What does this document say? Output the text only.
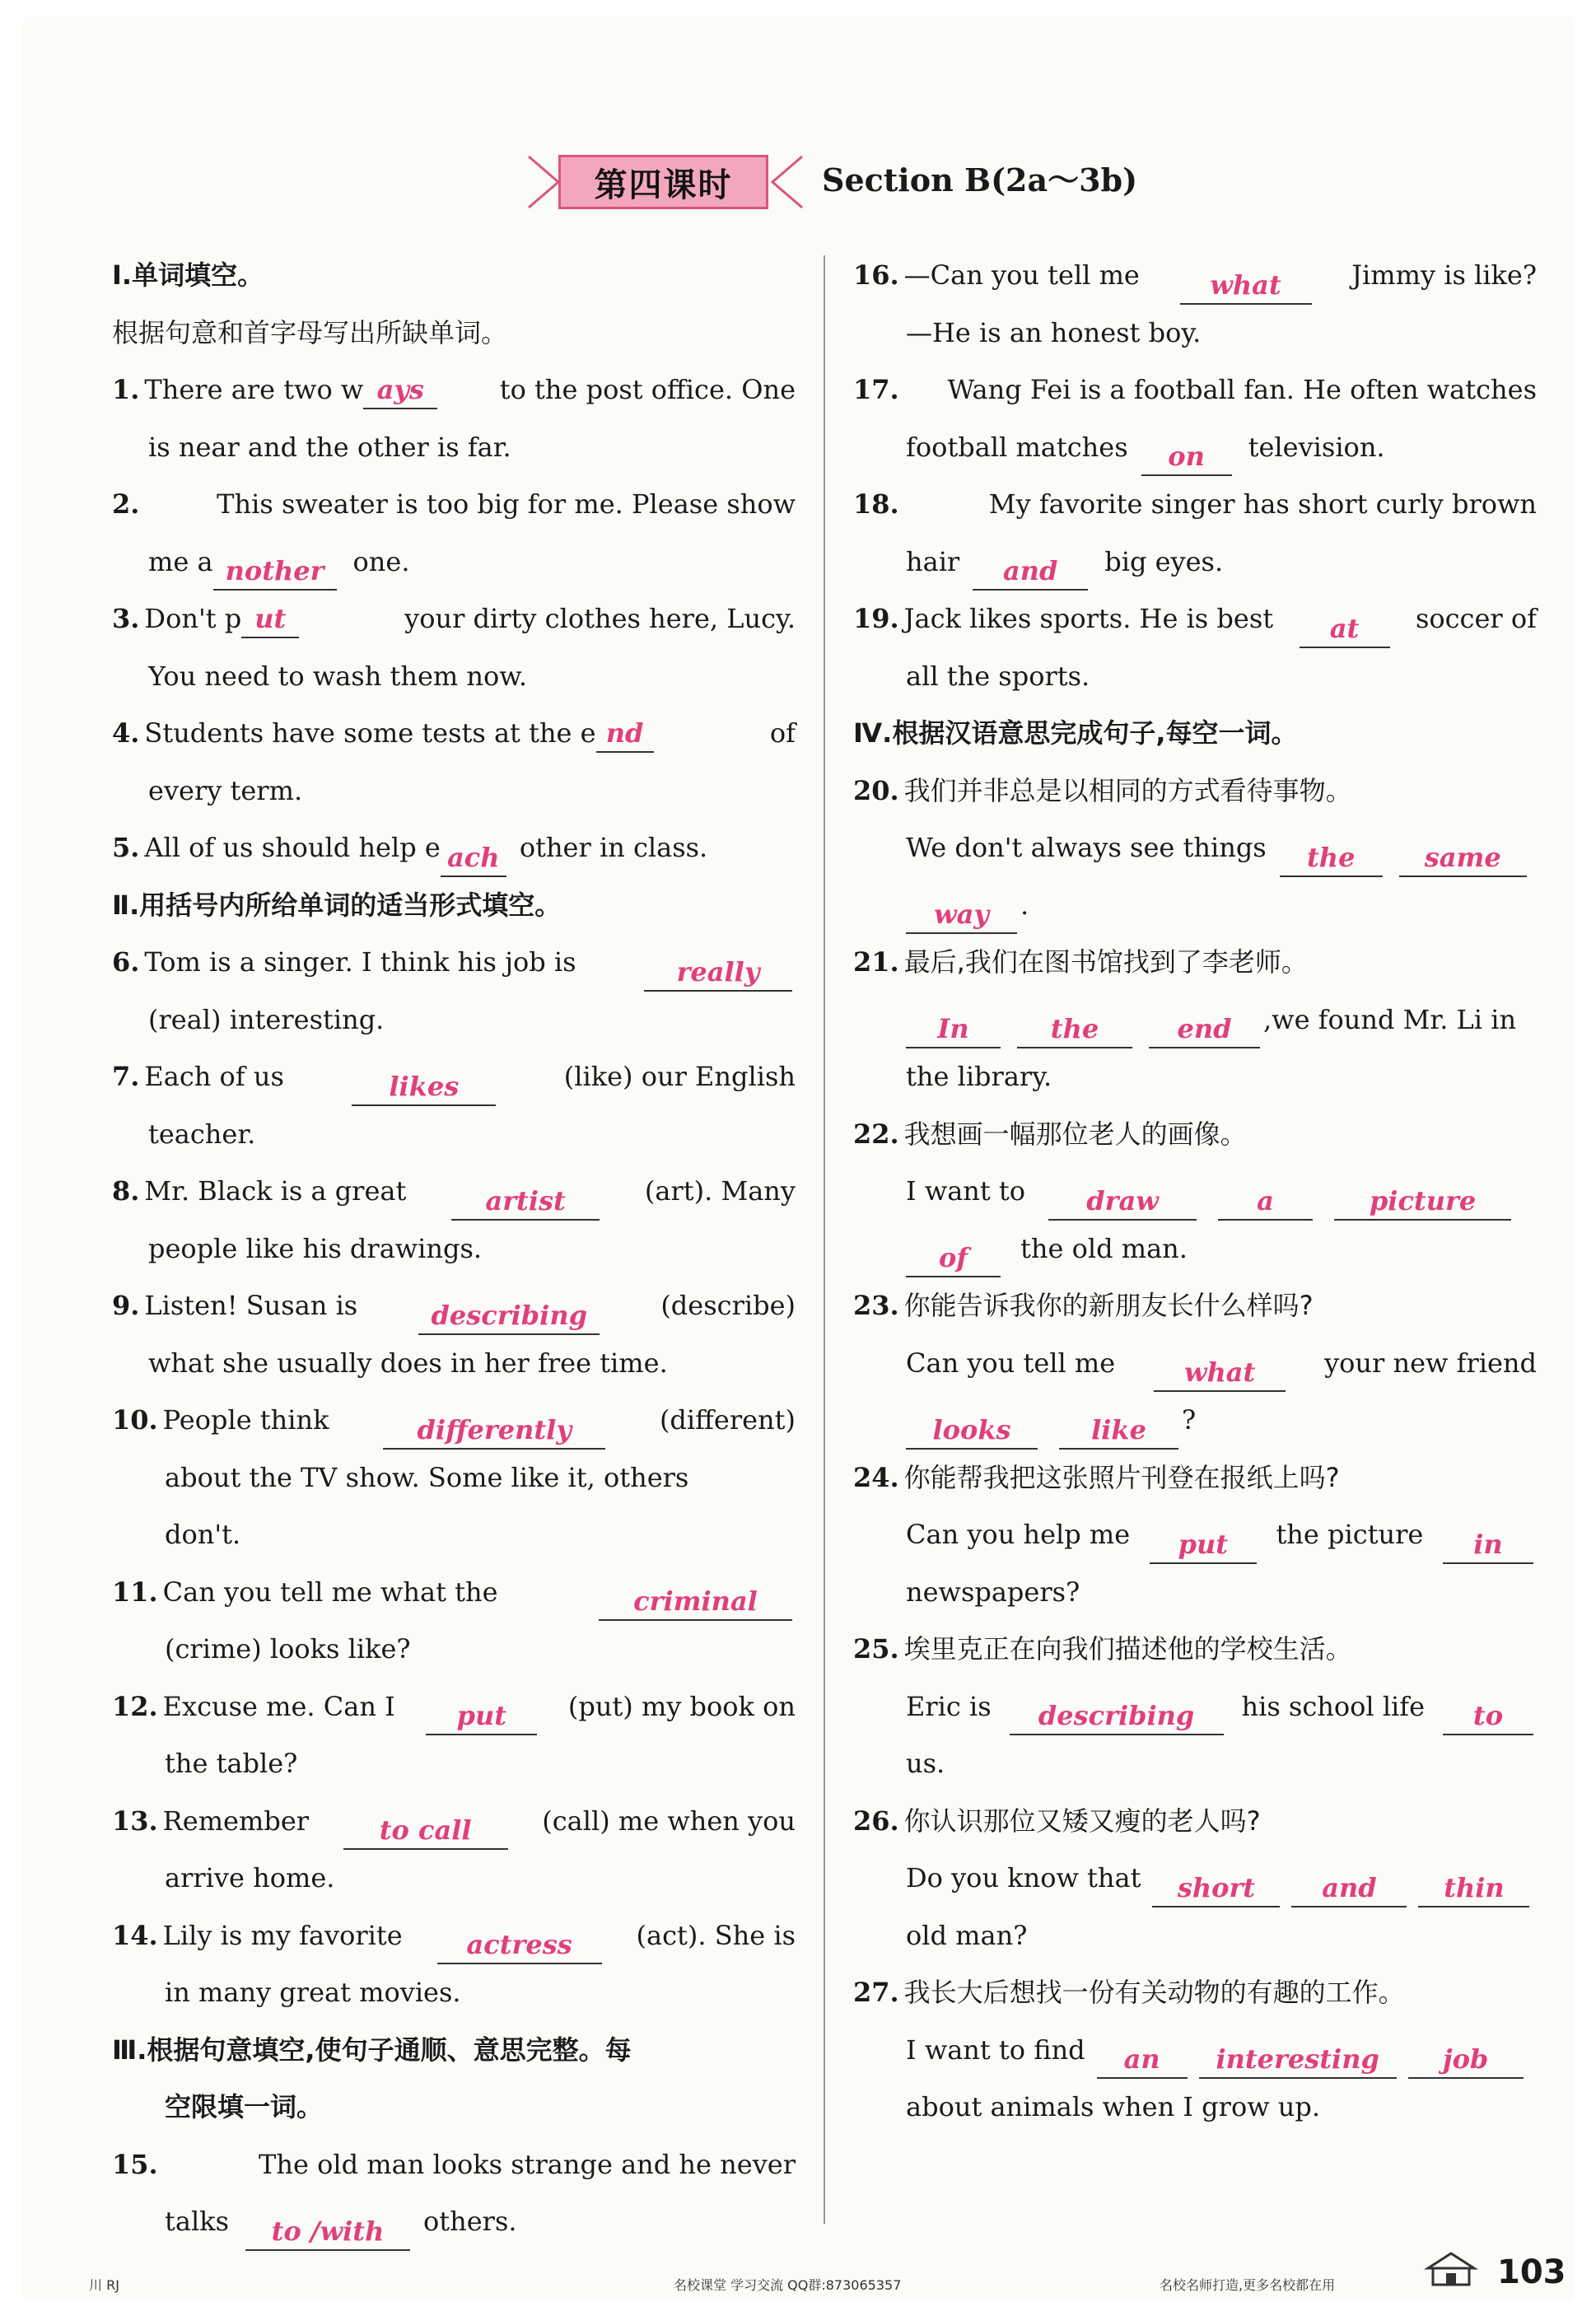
第四课时	Section B(2a～3b)
Ⅰ.单词填空。
根据句意和首字母写出所缺单词。
1. There are two w ays	to the post office. One
is near and the other is far.
2.	This sweater is too big for me. Please show
me a nother	one.
3. Don't p ut	your dirty clothes here, Lucy.
You need to wash them now.
4. Students have some tests at the e nd	of
every term.
5. All of us should help e ach other in class.
Ⅱ.用括号内所给单词的适当形式填空。
6. Tom is a singer. I think his job is	really
(real) interesting.
7. Each of us	likes	(like) our English
teacher.
8. Mr. Black is a great	artist	(art). Many
people like his drawings.
9. Listen! Susan is	describing	(describe)
what she usually does in her free time.
10. People think	differently	(different)
about the TV show. Some like it, others
don't.
11. Can you tell me what the	criminal
(crime) looks like?
12. Excuse me. Can I	put	(put) my book on
the table?
13. Remember	to call	(call) me when you
arrive home.
14. Lily is my favorite	actress	(act). She is
in many great movies.
Ⅲ.根据句意填空,使句子通顺、意思完整。每
空限填一词。
15.	The old man looks strange and he never
talks	to /with	others.
16. —Can you tell me	what	Jimmy is like?
—He is an honest boy.
17. Wang Fei is a football fan. He often watches
football matches	on	television.
18.	My favorite singer has short curly brown
hair	and	big eyes.
19. Jack likes sports. He is best	at	soccer of
all the sports.
Ⅳ.根据汉语意思完成句子,每空一词。
20. 我们并非总是以相同的方式看待事物。
We don't always see things	the	same
way	.
21. 最后,我们在图书馆找到了李老师。
In	the	end	,we found Mr. Li in
the library.
22. 我想画一幅那位老人的画像。
I want to	draw	a	picture
of	the old man.
23. 你能告诉我你的新朋友长什么样吗?
Can you tell me	what	your new friend
looks	like	?
24. 你能帮我把这张照片刊登在报纸上吗?
Can you help me	put	the picture	in
newspapers?
25. 埃里克正在向我们描述他的学校生活。
Eric is	describing	his school life	to
us.
26. 你认识那位又矮又瘦的老人吗?
Do you know that	short	and	thin
old man?
27. 我长大后想找一份有关动物的有趣的工作。
I want to find	an	interesting	job
about animals when I grow up.
川 RJ	名校课堂 学习交流 QQ群:873065357	名校名师打造,更多名校都在用	103
